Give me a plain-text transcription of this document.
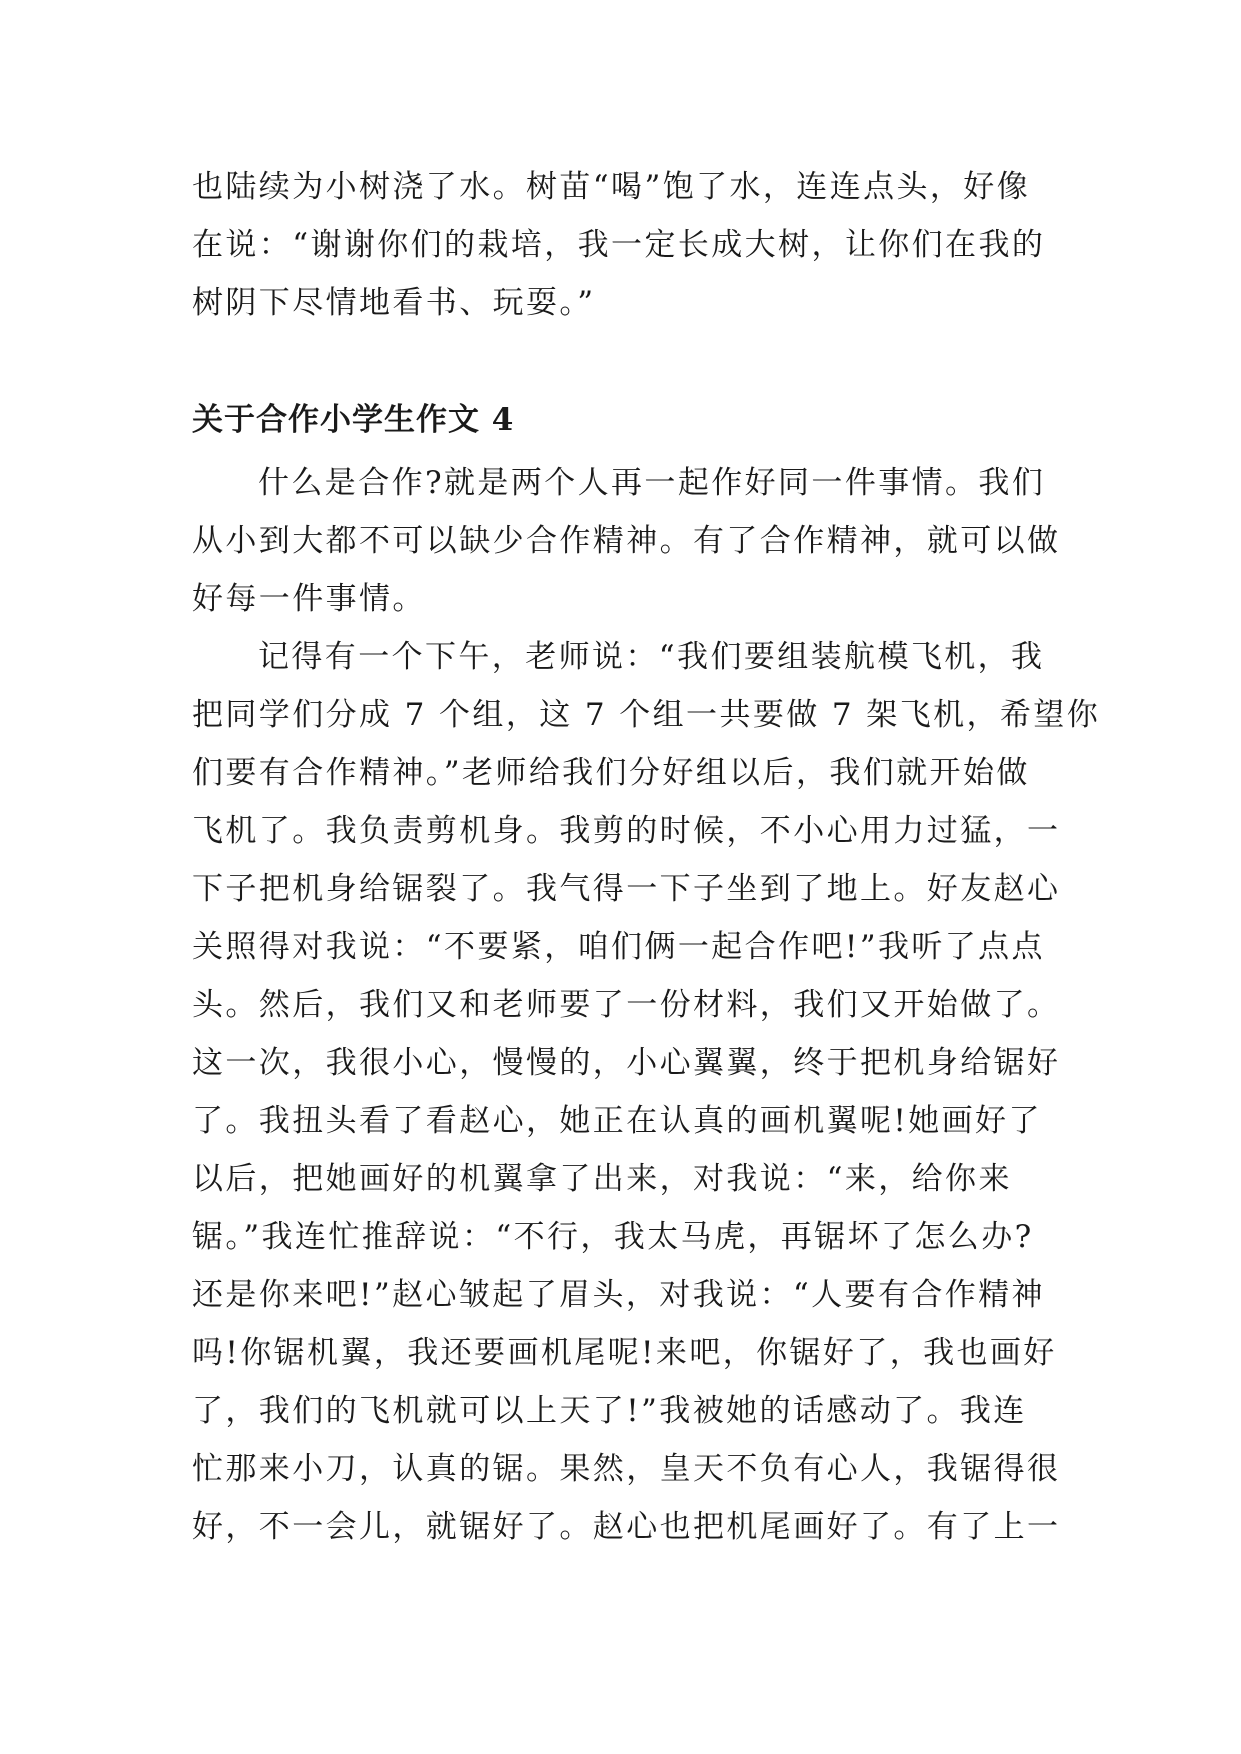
也陆续为小树浇了水。树苗“喝”饱了水，连连点头，好像

在说：“谢谢你们的栽培，我一定长成大树，让你们在我的

树阴下尽情地看书、玩耍。”

关于合作小学生作文 4

什么是合作?就是两个人再一起作好同一件事情。我们

从小到大都不可以缺少合作精神。有了合作精神，就可以做

好每一件事情。

记得有一个下午，老师说：“我们要组装航模飞机，我

把同学们分成 7 个组，这 7 个组一共要做 7 架飞机，希望你

们要有合作精神。”老师给我们分好组以后，我们就开始做

飞机了。我负责剪机身。我剪的时候，不小心用力过猛，一

下子把机身给锯裂了。我气得一下子坐到了地上。好友赵心

关照得对我说：“不要紧，咱们俩一起合作吧!”我听了点点

头。然后，我们又和老师要了一份材料，我们又开始做了。

这一次，我很小心，慢慢的，小心翼翼，终于把机身给锯好

了。我扭头看了看赵心，她正在认真的画机翼呢!她画好了

以后，把她画好的机翼拿了出来，对我说：“来，给你来

锯。”我连忙推辞说：“不行，我太马虎，再锯坏了怎么办?

还是你来吧!”赵心皱起了眉头，对我说：“人要有合作精神

吗!你锯机翼，我还要画机尾呢!来吧，你锯好了，我也画好

了，我们的飞机就可以上天了!”我被她的话感动了。我连

忙那来小刀，认真的锯。果然，皇天不负有心人，我锯得很

好，不一会儿，就锯好了。赵心也把机尾画好了。有了上一
